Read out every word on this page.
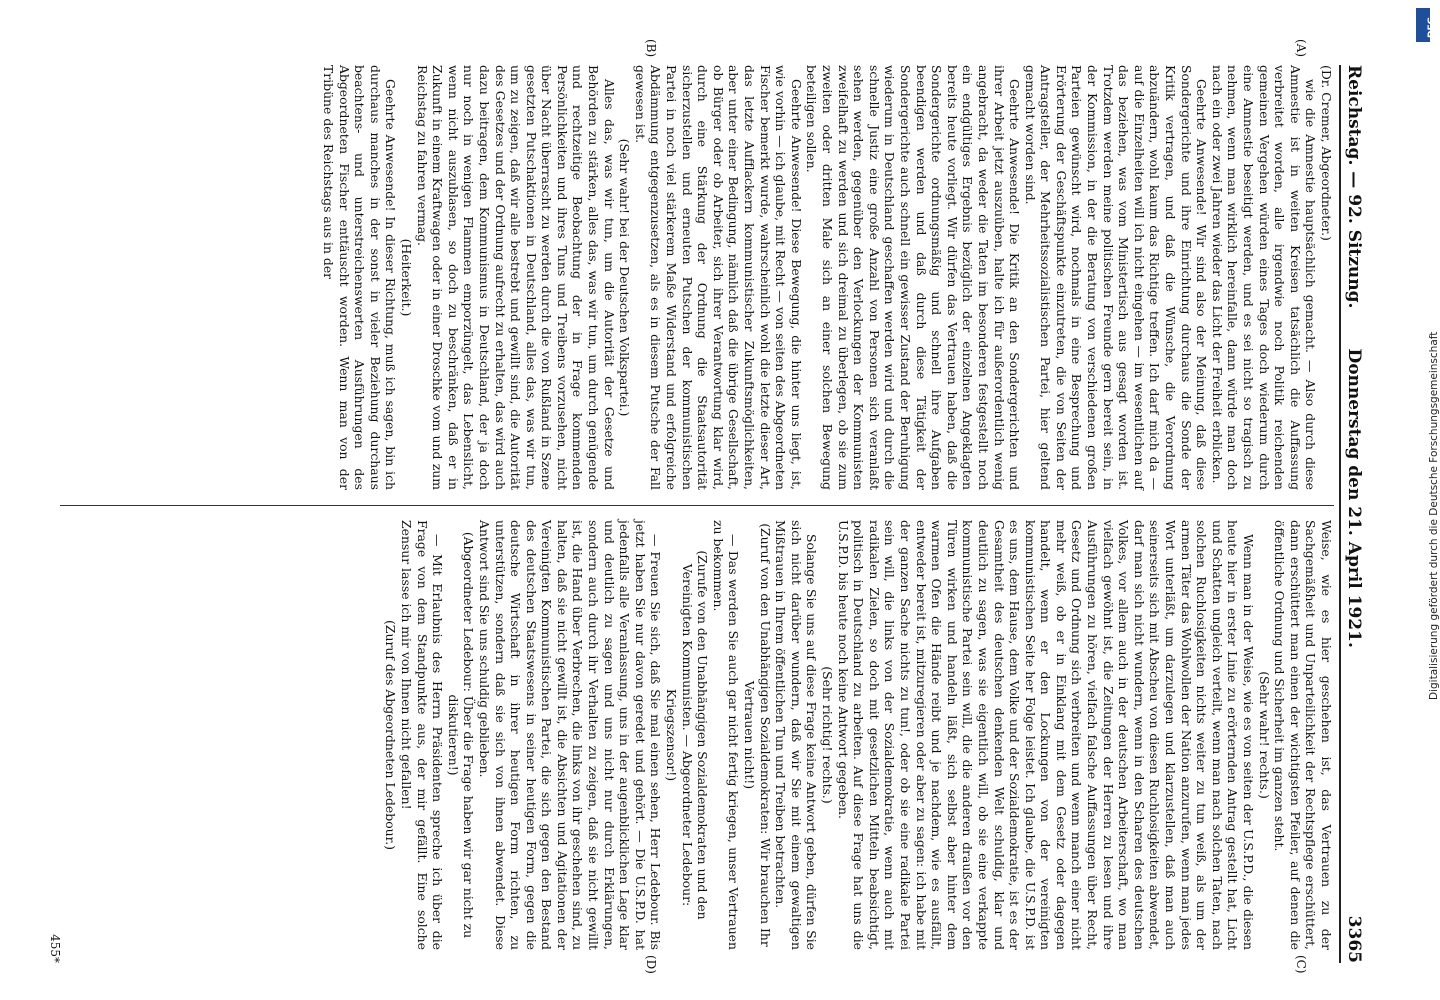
Reichstag. — 92. Sitzung.
Donnerstag den 21. April 1921.
3365
(A)
(B)
(C)
(D)

(Dr. Cremer, Abgeordneter.)

wie die Amnestie hauptsächlich gemacht. — Also durch diese Amnestie ist in weiten Kreisen tatsächlich die Auffassung verbreitet worden, alle irgendwie noch Politik reichenden gemeinen Vergehen würden eines Tages doch wiederum durch eine Amnestie beseitigt werden, und es sei nicht so tragisch zu nehmen, wenn man wirklich hereinfalle, dann würde man doch nach ein oder zwei Jahren wieder das Licht der Freiheit erblicken.

Geehrte Anwesende! Wir sind also der Meinung, daß diese Sondergerichte und ihre Einrichtung durchaus die Sonde der Kritik vertragen, und daß die Wünsche, die Verordnung abzuändern, wohl kaum das Richtige treffen. Ich darf mich da — auf die Einzelheiten will ich nicht eingehen — im wesentlichen auf das beziehen, was vom Ministertisch aus gesagt worden ist. Trotzdem werden meine politischen Freunde gern bereit sein, in der Kommission, in der die Beratung von verschiedenen großen Parteien gewünscht wird, nochmals in eine Besprechung und Erörterung der Geschäftspunkte einzutreten, die von Seiten der Antragsteller, der Mehrheitssozialistischen Partei, hier geltend gemacht worden sind.

Geehrte Anwesende! Die Kritik an den Sondergerichten und ihrer Arbeit jetzt auszuüben, halte ich für außerordentlich wenig angebracht, da weder die Taten im besonderen festgestellt noch ein endgültiges Ergebnis bezüglich der einzelnen Angeklagten bereits heute vorliegt. Wir dürfen das Vertrauen haben, daß die Sondergerichte ordnungsmäßig und schnell ihre Aufgaben beendigen werden und daß durch diese Tätigkeit der Sondergerichte auch schnell ein gewisser Zustand der Beruhigung wiederum in Deutschland geschaffen werden wird und durch die schnelle Justiz eine große Anzahl von Personen sich veranlaßt sehen werden, gegenüber den Verlockungen der Kommunisten zweifelhaft zu werden und sich dreimal zu überlegen, ob sie zum zweiten oder dritten Male sich an einer solchen Bewegung beteiligen sollen.

Geehrte Anwesende! Diese Bewegung, die hinter uns liegt, ist, wie vorhin — ich glaube, mit Recht — von seiten des Abgeordneten Fischer bemerkt wurde, wahrscheinlich wohl die letzte dieser Art, das letzte Aufflackern kommunistischer Zukunftsmöglichkeiten, aber unter einer Bedingung, nämlich daß die übrige Gesellschaft, ob Bürger oder ob Arbeiter, sich ihrer Verantwortung klar wird, durch eine Stärkung der Ordnung die Staatsautorität sicherzustellen und erneuten Putschen der kommunistischen Partei in noch viel stärkerem Maße Widerstand und erfolgreiche Abdämmung entgegenzusetzen, als es in diesem Putsche der Fall gewesen ist.

(Sehr wahr! bei der Deutschen Volkspartei.)

Alles das, was wir tun, um die Autorität der Gesetze und Behörden zu stärken, alles das, was wir tun, um durch genügende und rechtzeitige Beobachtung der in Frage kommenden Persönlichkeiten und ihres Tuns und Treibens vorzusehen, nicht über Nacht überrascht zu werden durch die von Rußland in Szene gesetzten Putschaktionen in Deutschland, alles das, was wir tun, um zu zeigen, daß wir alle bestrebt und gewillt sind, die Autorität des Gesetzes und der Ordnung aufrecht zu erhalten, das wird auch dazu beitragen, dem Kommunismus in Deutschland, der ja doch nur noch in wenigen Flammen emporzüngelt, das Lebenslicht, wenn nicht auszublasen, so doch zu beschränken, daß er in Zukunft in einem Kraftwagen oder in einer Droschke vom und zum Reichstag zu fahren vermag.

(Heiterkeit.)

Geehrte Anwesende! In dieser Richtung, muß ich sagen, bin ich durchaus manches in der sonst in vieler Beziehung durchaus beachtens- und unterstreichenswerten Ausführungen des Abgeordneten Fischer enttäuscht worden. Wenn man von der Tribüne des Reichstags aus in der

Weise, wie es hier geschehen ist, das Vertrauen zu der Sachgemäßheit und Unparteilichkeit der Rechtspflege erschüttert, dann erschüttert man einen der wichtigsten Pfeiler, auf denen die öffentliche Ordnung und Sicherheit im ganzen steht.

(Sehr wahr! rechts.)

Wenn man in der Weise, wie es von seiten der U.S.P.D., die diesen heute hier in erster Linie zu erörternden Antrag gestellt hat, Licht und Schatten ungleich verteilt, wenn man nach solchen Taten, nach solchen Ruchlosigkeiten nichts weiter zu tun weiß, als um der armen Täter das Wohlwollen der Nation anzurufen, wenn man jedes Wort unterläßt, um darzulegen und klarzustellen, daß man auch seinerseits sich mit Abscheu von diesen Ruchlosigkeiten abwendet, darf man sich nicht wundern, wenn in den Scharen des deutschen Volkes, vor allem auch in der deutschen Arbeiterschaft, wo man vielfach gewöhnt ist, die Zeitungen der Herren zu lesen und ihre Ausführungen zu hören, vielfach falsche Auffassungen über Recht, Gesetz und Ordnung sich verbreiten und wenn manch einer nicht mehr weiß, ob er in Einklang mit dem Gesetz oder dagegen handelt, wenn er den Lockungen von der vereinigten kommunistischen Seite her Folge leistet. Ich glaube, die U.S.P.D. ist es uns, dem Hause, dem Volke und der Sozialdemokratie, ist es der Gesamtheit des deutschen denkenden Welt schuldig, klar und deutlich zu sagen, was sie eigentlich will, ob sie eine verkappte kommunistische Partei sein will, die die anderen draußen vor den Türen wirken und handeln läßt, sich selbst aber hinter dem warmen Ofen die Hände reibt und je nachdem, wie es ausfällt, entweder bereit ist, mitzuregieren oder aber zu sagen: ich habe mit der ganzen Sache nichts zu tun!, oder ob sie eine radikale Partei sein will, die links von der Sozialdemokratie, wenn auch mit radikalen Zielen, so doch mit gesetzlichen Mitteln beabsichtigt, politisch in Deutschland zu arbeiten. Auf diese Frage hat uns die U.S.P.D. bis heute noch keine Antwort gegeben.

(Sehr richtig! rechts.)

Solange Sie uns auf diese Frage keine Antwort geben, dürfen Sie sich nicht darüber wundern, daß wir Sie mit einem gewaltigen Mißtrauen in Ihrem öffentlichen Tun und Treiben betrachten.

(Zuruf von den Unabhängigen Sozialdemokraten: Wir brauchen Ihr Vertrauen nicht!)

— Das werden Sie auch gar nicht fertig kriegen, unser Vertrauen zu bekommen.

(Zurufe von den Unabhängigen Sozialdemokraten und den Vereinigten Kommunisten. — Abgeordneter Ledebour: Kriegszensor!)

— Freuen Sie sich, daß Sie mal einen sehen, Herr Ledebour. Bis jetzt haben Sie nur davon geredet und gehört. — Die U.S.P.D. hat jedenfalls alle Veranlassung, uns in der augenblicklichen Lage klar und deutlich zu sagen und uns nicht nur durch Erklärungen, sondern auch durch ihr Verhalten zu zeigen, daß sie nicht gewillt ist, die Hand über Verbrechen, die links von ihr geschehen sind, zu halten, daß sie nicht gewillt ist, die Absichten und Agitationen der Vereinigten Kommunistischen Partei, die sich gegen den Bestand des deutschen Staatswesens in seiner heutigen Form, gegen die deutsche Wirtschaft in ihrer heutigen Form richten, zu unterstützen, sondern daß sie sich von ihnen abwendet. Diese Antwort sind Sie uns schuldig geblieben.

(Abgeordneter Ledebour: Über die Frage haben wir gar nicht zu diskutieren!)

— Mit Erlaubnis des Herrn Präsidenten spreche ich über die Frage von dem Standpunkte aus, der mir gefällt. Eine solche Zensur lasse ich mir von Ihnen nicht gefallen!

(Zuruf des Abgeordneten Ledebour.)

455*
Digitalisierung gefördert durch die Deutsche Forschungsgemeinschaft
DFG
